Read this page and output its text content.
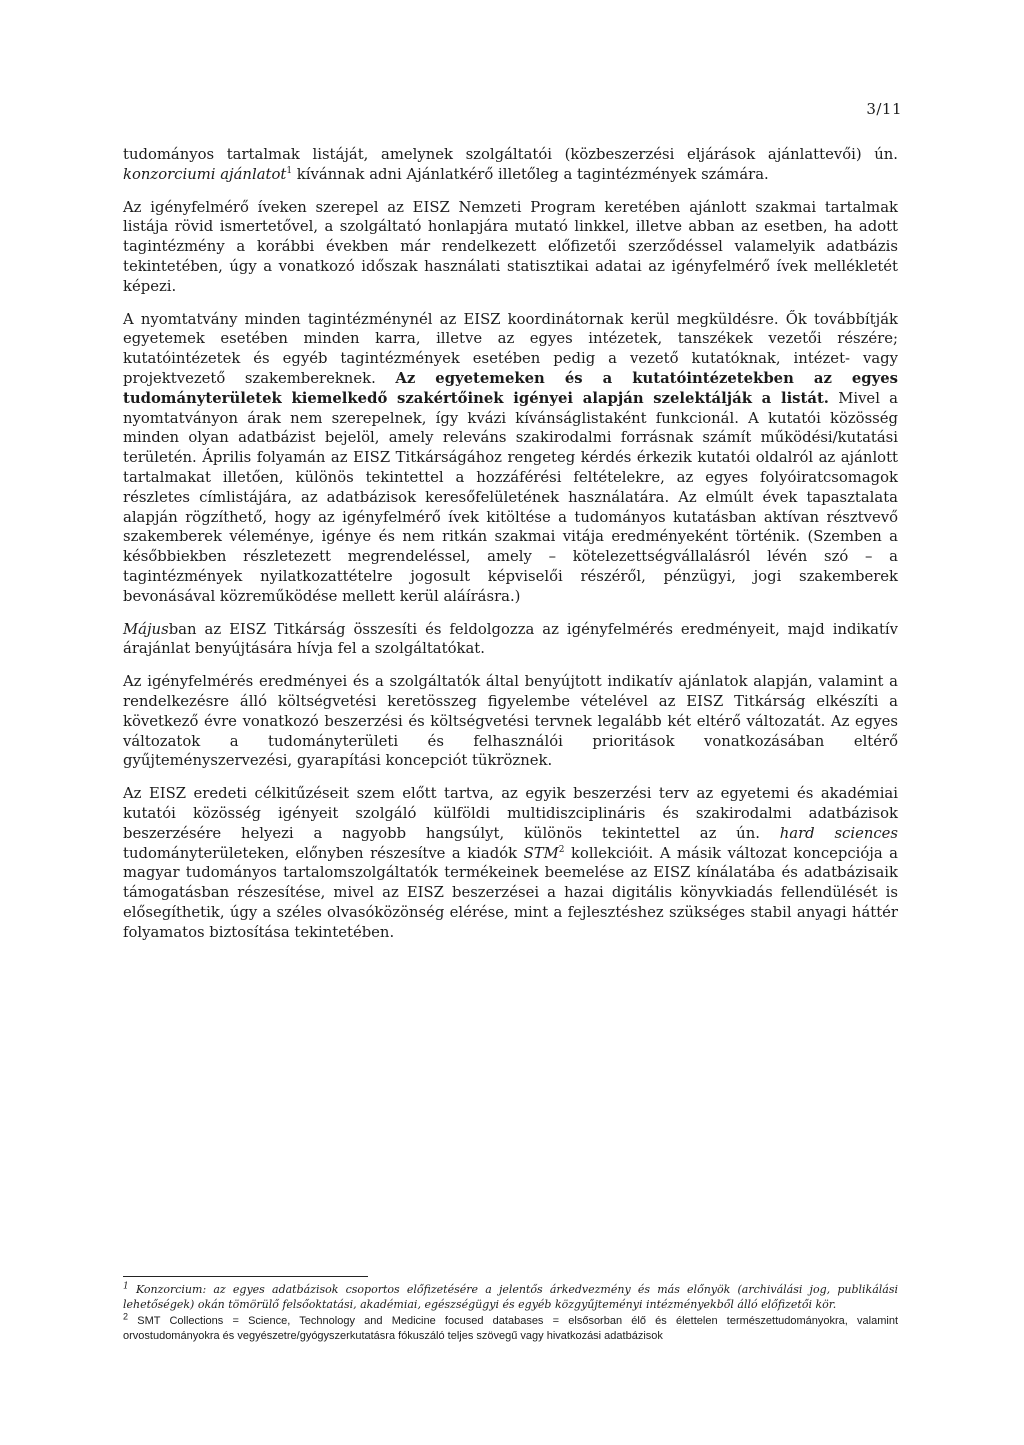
3/11

tudományos tartalmak listáját, amelynek szolgáltatói (közbeszerzési eljárások ajánlattevői) ún. konzorciumi ajánlatot$^1$ kívánnak adni Ajánlatkérő illetőleg a tagintézmények számára.

Az igényfelmérő íveken szerepel az EISZ Nemzeti Program keretében ajánlott szakmai tartalmak listája rövid ismertetővel, a szolgáltató honlapjára mutató linkkel, illetve abban az esetben, ha adott tagintézmény a korábbi években már rendelkezett előfizetői szerződéssel valamelyik adatbázis tekintetében, úgy a vonatkozó időszak használati statisztikai adatai az igényfelmérő ívek mellékletét képezi.

A nyomtatvány minden tagintézménynél az EISZ koordinátornak kerül megküldésre. Ők továbbítják egyetemek esetében minden karra, illetve az egyes intézetek, tanszékek vezetői részére; kutatóintézetek és egyéb tagintézmények esetében pedig a vezető kutatóknak, intézet- vagy projektvezető szakembereknek. Az egyetemeken és a kutatóintézetekben az egyes tudományterületek kiemelkedő szakértőinek igényei alapján szelektálják a listát. Mivel a nyomtatványon árak nem szerepelnek, így kvázi kívánságlistaként funkcionál. A kutatói közösség minden olyan adatbázist bejelöl, amely releváns szakirodalmi forrásnak számít működési/kutatási területén. Április folyamán az EISZ Titkárságához rengeteg kérdés érkezik kutatói oldalról az ajánlott tartalmakat illetően, különös tekintettel a hozzáférési feltételekre, az egyes folyóiratcsomagok részletes címlistájára, az adatbázisok keresőfelületének használatára. Az elmúlt évek tapasztalata alapján rögzíthető, hogy az igényfelmérő ívek kitöltése a tudományos kutatásban aktívan résztvevő szakemberek véleménye, igénye és nem ritkán szakmai vitája eredményeként történik. (Szemben a későbbiekben részletezett megrendeléssel, amely – kötelezettségvállalásról lévén szó – a tagintézmények nyilatkozattételre jogosult képviselői részéről, pénzügyi, jogi szakemberek bevonásával közreműködése mellett kerül aláírásra.)

Májusban az EISZ Titkárság összesíti és feldolgozza az igényfelmérés eredményeit, majd indikatív árajánlat benyújtására hívja fel a szolgáltatókat.

Az igényfelmérés eredményei és a szolgáltatók által benyújtott indikatív ajánlatok alapján, valamint a rendelkezésre álló költségvetési keretösszeg figyelembe vételével az EISZ Titkárság elkészíti a következő évre vonatkozó beszerzési és költségvetési tervnek legalább két eltérő változatát. Az egyes változatok a tudományterületi és felhasználói prioritások vonatkozásában eltérő gyűjteményszervezési, gyarapítási koncepciót tükröznek.

Az EISZ eredeti célkitűzéseit szem előtt tartva, az egyik beszerzési terv az egyetemi és akadémiai kutatói közösség igényeit szolgáló külföldi multidiszciplináris és szakirodalmi adatbázisok beszerzésére helyezi a nagyobb hangsúlyt, különös tekintettel az ún. hard sciences tudományterületeken, előnyben részesítve a kiadók STM$^2$ kollekcióit. A másik változat koncepciója a magyar tudományos tartalomszolgáltatók termékeinek beemelése az EISZ kínálatába és adatbázisaik támogatásban részesítése, mivel az EISZ beszerzései a hazai digitális könyvkiadás fellendülését is elősegíthetik, úgy a széles olvasóközönség elérése, mint a fejlesztéshez szükséges stabil anyagi háttér folyamatos biztosítása tekintetében.

$^1$ Konzorcium: az egyes adatbázisok csoportos előfizetésére a jelentős árkedvezmény és más előnyök (archiválási jog, publikálási lehetőségek) okán tömörülő felsőoktatási, akadémiai, egészségügyi és egyéb közgyűjteményi intézményekből álló előfizetői kör.

$^2$ SMT Collections = Science, Technology and Medicine focused databases = elsősorban élő és élettelen természettudományokra, valamint orvostudományokra és vegyészetre/gyógyszerkutatásra fókuszáló teljes szövegű vagy hivatkozási adatbázisok
